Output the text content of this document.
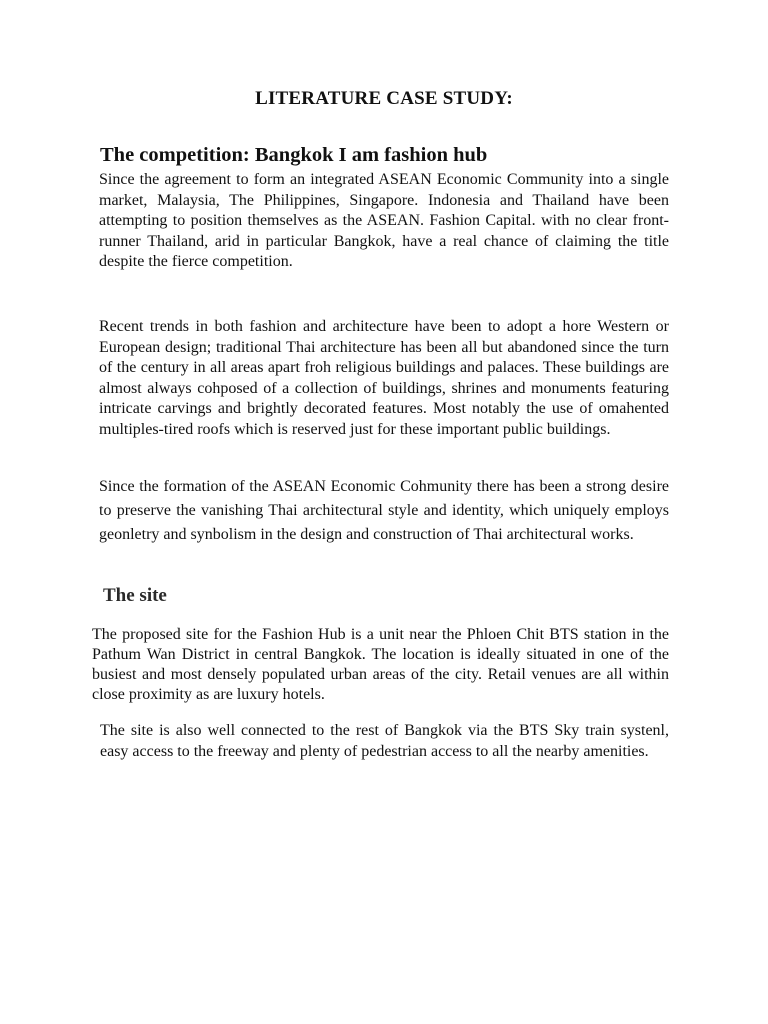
LITERATURE CASE STUDY:
The competition: Bangkok I am fashion hub

Since the agreement to form an integrated ASEAN Economic Community into a single market, Malaysia, The Philippines, Singapore. Indonesia and Thailand have been attempting to position themselves as the ASEAN. Fashion Capital. with no clear front-runner Thailand, arid in particular Bangkok, have a real chance of claiming the title despite the fierce competition.

Recent trends in both fashion and architecture have been to adopt a hore Western or European design; traditional Thai architecture has been all but abandoned since the turn of the century in all areas apart froh religious buildings and palaces. These buildings are almost always cohposed of a collection of buildings, shrines and monuments featuring intricate carvings and brightly decorated features. Most notably the use of omahented multiples-tired roofs which is reserved just for these important public buildings.

Since the formation of the ASEAN Economic Cohmunity there has been a strong desire to preserve the vanishing Thai architectural style and identity, which uniquely employs geonletry and synbolism in the design and construction of Thai architectural works.

The site

The proposed site for the Fashion Hub is a unit near the Phloen Chit BTS station in the Pathum Wan District in central Bangkok. The location is ideally situated in one of the busiest and most densely populated urban areas of the city. Retail venues are all within close proximity as are luxury hotels.

The site is also well connected to the rest of Bangkok via the BTS Sky train systenl, easy access to the freeway and plenty of pedestrian access to all the nearby amenities.
